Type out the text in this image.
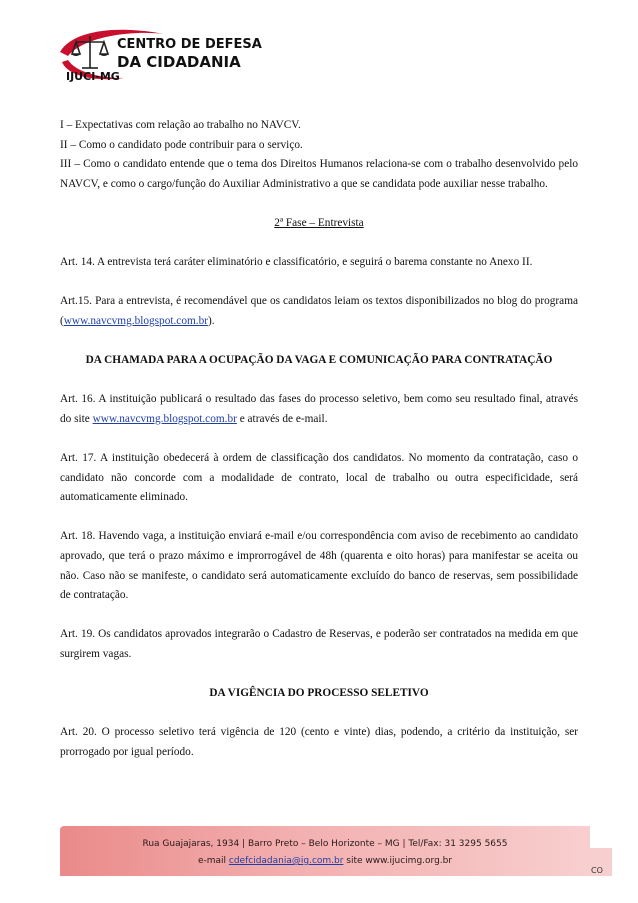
CENTRO DE DEFESA
DA CIDADANIA
IJUCI-MG

I – Expectativas com relação ao trabalho no NAVCV.

II – Como o candidato pode contribuir para o serviço.

III – Como o candidato entende que o tema dos Direitos Humanos relaciona-se com o trabalho desenvolvido pelo NAVCV, e como o cargo/função do Auxiliar Administrativo a que se candidata pode auxiliar nesse trabalho.

2ª Fase – Entrevista

Art. 14. A entrevista terá caráter eliminatório e classificatório, e seguirá o barema constante no Anexo II.

Art.15. Para a entrevista, é recomendável que os candidatos leiam os textos disponibilizados no blog do programa (www.navcvmg.blogspot.com.br).

DA CHAMADA PARA A OCUPAÇÃO DA VAGA E COMUNICAÇÃO PARA CONTRATAÇÃO

Art. 16. A instituição publicará o resultado das fases do processo seletivo, bem como seu resultado final, através do site www.navcvmg.blogspot.com.br e através de e-mail.

Art. 17. A instituição obedecerá à ordem de classificação dos candidatos. No momento da contratação, caso o candidato não concorde com a modalidade de contrato, local de trabalho ou outra especificidade, será automaticamente eliminado.

Art. 18. Havendo vaga, a instituição enviará e-mail e/ou correspondência com aviso de recebimento ao candidato aprovado, que terá o prazo máximo e improrrogável de 48h (quarenta e oito horas) para manifestar se aceita ou não. Caso não se manifeste, o candidato será automaticamente excluído do banco de reservas, sem possibilidade de contratação.

Art. 19. Os candidatos aprovados integrarão o Cadastro de Reservas, e poderão ser contratados na medida em que surgirem vagas.

DA VIGÊNCIA DO PROCESSO SELETIVO

Art. 20. O processo seletivo terá vigência de 120 (cento e vinte) dias, podendo, a critério da instituição, ser prorrogado por igual período.

Rua Guajajaras, 1934 | Barro Preto – Belo Horizonte – MG | Tel/Fax: 31 3295 5655
e-mail cdefcidadania@ig.com.br site www.ijucimg.org.br
CO
